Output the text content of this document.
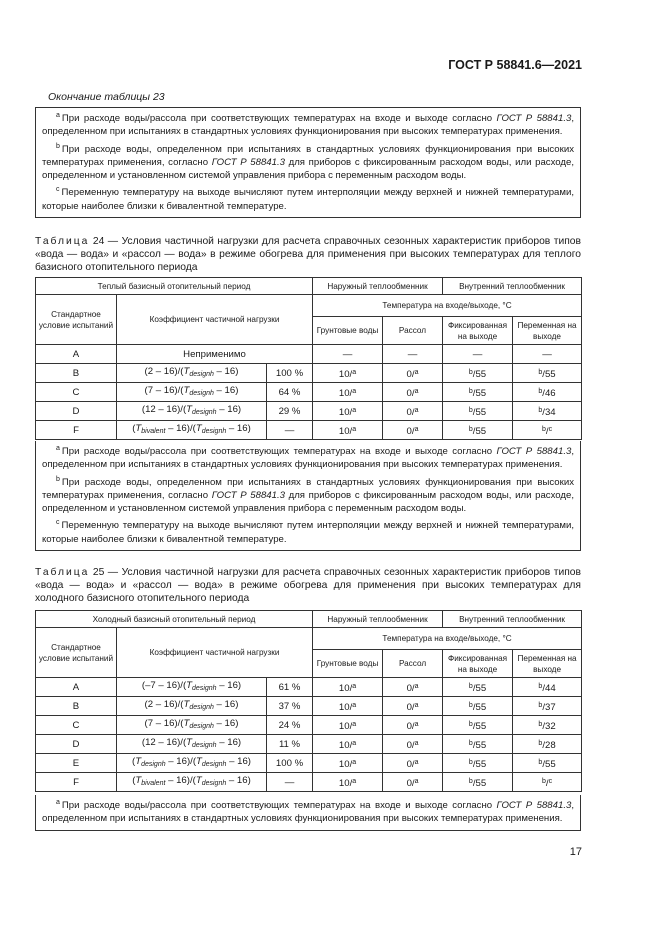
ГОСТ Р 58841.6—2021
Окончание таблицы 23

$^a$ При расходе воды/рассола при соответствующих температурах на входе и выходе согласно ГОСТ Р 58841.3, определенном при испытаниях в стандартных условиях функционирования при высоких температурах применения.

$^b$ При расходе воды, определенном при испытаниях в стандартных условиях функционирования при высоких температурах применения, согласно ГОСТ Р 58841.3 для приборов с фиксированным расходом воды, или расходе, определенном и установленном системой управления прибора с переменным расходом воды.

$^c$ Переменную температуру на выходе вычисляют путем интерполяции между верхней и нижней температурами, которые наиболее близки к бивалентной температуре.

Таблица 24 — Условия частичной нагрузки для расчета справочных сезонных характеристик приборов типов «вода — вода» и «рассол — вода» в режиме обогрева для применения при высоких температурах для теплого базисного отопительного периода
Теплый базисный отопительный период			Наружный теплообменник		Внутренний теплообменник	
Стандартное условие испытаний	Коэффициент частичной нагрузки		Температура на входе/выходе, °С			
			Грунтовые воды	Рассол	Фиксированная на выходе	Переменная на выходе
A	Неприменимо		—	—	—	—
B	$(2 - 16)/(T_{designh} - 16)$	100 %	10/$^a$	0/$^a$	$^b$/55	$^b$/55
C	$(7 - 16)/(T_{designh} - 16)$	64 %	10/$^a$	0/$^a$	$^b$/55	$^b$/46
D	$(12 - 16)/(T_{designh} - 16)$	29 %	10/$^a$	0/$^a$	$^b$/55	$^b$/34
F	$(T_{bivalent} - 16)/(T_{designh} - 16)$	—	10/$^a$	0/$^a$	$^b$/55	$^b$/$^c$

$^a$ При расходе воды/рассола при соответствующих температурах на входе и выходе согласно ГОСТ Р 58841.3, определенном при испытаниях в стандартных условиях функционирования при высоких температурах применения.

$^b$ При расходе воды, определенном при испытаниях в стандартных условиях функционирования при высоких температурах применения, согласно ГОСТ Р 58841.3 для приборов с фиксированным расходом воды, или расходе, определенном и установленном системой управления прибора с переменным расходом воды.

$^c$ Переменную температуру на выходе вычисляют путем интерполяции между верхней и нижней температурами, которые наиболее близки к бивалентной температуре.

Таблица 25 — Условия частичной нагрузки для расчета справочных сезонных характеристик приборов типов «вода — вода» и «рассол — вода» в режиме обогрева для применения при высоких температурах для холодного базисного отопительного периода
Холодный базисный отопительный период			Наружный теплообменник		Внутренний теплообменник	
Стандартное условие испытаний	Коэффициент частичной нагрузки		Температура на входе/выходе, °С			
			Грунтовые воды	Рассол	Фиксированная на выходе	Переменная на выходе
A	$(-7 - 16)/(T_{designh} - 16)$	61 %	10/$^a$	0/$^a$	$^b$/55	$^b$/44
B	$(2 - 16)/(T_{designh} - 16)$	37 %	10/$^a$	0/$^a$	$^b$/55	$^b$/37
C	$(7 - 16)/(T_{designh} - 16)$	24 %	10/$^a$	0/$^a$	$^b$/55	$^b$/32
D	$(12 - 16)/(T_{designh} - 16)$	11 %	10/$^a$	0/$^a$	$^b$/55	$^b$/28
E	$(T_{designh} - 16)/(T_{designh} - 16)$	100 %	10/$^a$	0/$^a$	$^b$/55	$^b$/55
F	$(T_{bivalent} - 16)/(T_{designh} - 16)$	—	10/$^a$	0/$^a$	$^b$/55	$^b$/$^c$

$^a$ При расходе воды/рассола при соответствующих температурах на входе и выходе согласно ГОСТ Р 58841.3, определенном при испытаниях в стандартных условиях функционирования при высоких температурах применения.

17
